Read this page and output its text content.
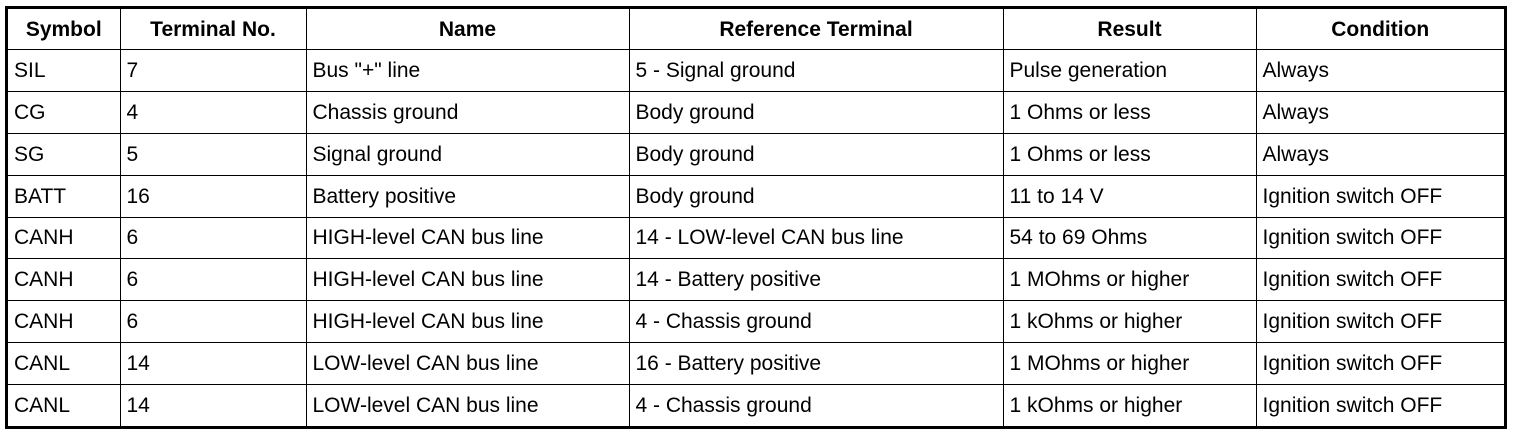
Symbol	Terminal No.	Name	Reference Terminal	Result	Condition
SIL	7	Bus "+" line	5 - Signal ground	Pulse generation	Always
CG	4	Chassis ground	Body ground	1 Ohms or less	Always
SG	5	Signal ground	Body ground	1 Ohms or less	Always
BATT	16	Battery positive	Body ground	11 to 14 V	Ignition switch OFF
CANH	6	HIGH-level CAN bus line	14 - LOW-level CAN bus line	54 to 69 Ohms	Ignition switch OFF
CANH	6	HIGH-level CAN bus line	14 - Battery positive	1 MOhms or higher	Ignition switch OFF
CANH	6	HIGH-level CAN bus line	4 - Chassis ground	1 kOhms or higher	Ignition switch OFF
CANL	14	LOW-level CAN bus line	16 - Battery positive	1 MOhms or higher	Ignition switch OFF
CANL	14	LOW-level CAN bus line	4 - Chassis ground	1 kOhms or higher	Ignition switch OFF
